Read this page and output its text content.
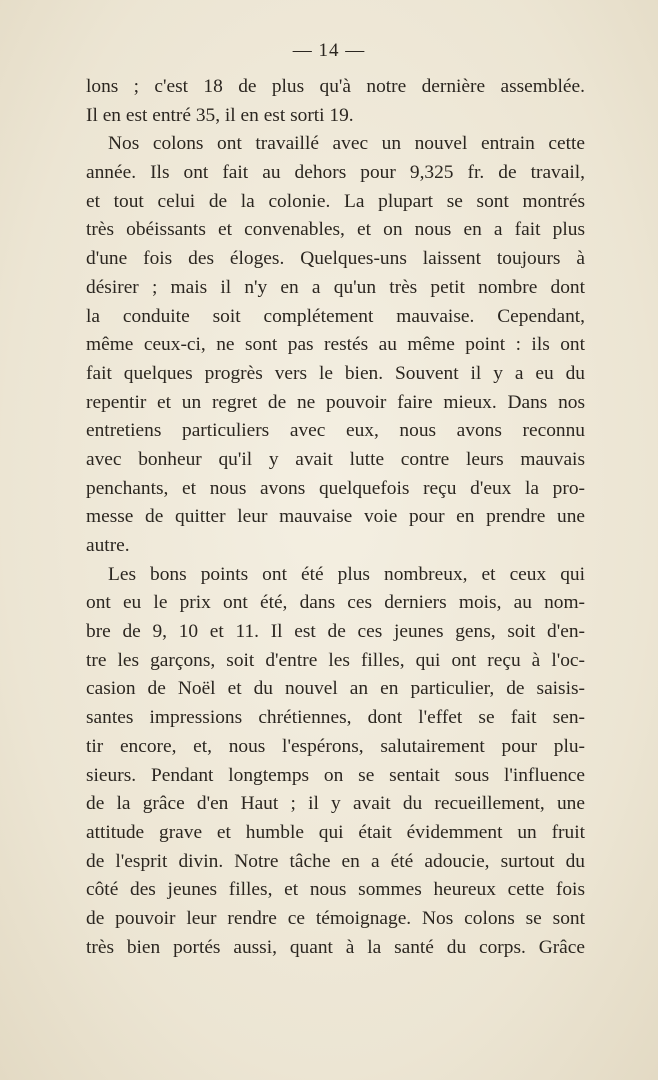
— 14 —
lons ; c'est 18 de plus qu'à notre dernière assemblée.
Il en est entré 35, il en est sorti 19.
Nos colons ont travaillé avec un nouvel entrain cette
année. Ils ont fait au dehors pour 9,325 fr. de travail,
et tout celui de la colonie. La plupart se sont montrés
très obéissants et convenables, et on nous en a fait plus
d'une fois des éloges. Quelques-uns laissent toujours à
désirer ; mais il n'y en a qu'un très petit nombre dont
la conduite soit complétement mauvaise. Cependant,
même ceux-ci, ne sont pas restés au même point : ils ont
fait quelques progrès vers le bien. Souvent il y a eu du
repentir et un regret de ne pouvoir faire mieux. Dans nos
entretiens particuliers avec eux, nous avons reconnu
avec bonheur qu'il y avait lutte contre leurs mauvais
penchants, et nous avons quelquefois reçu d'eux la pro-
messe de quitter leur mauvaise voie pour en prendre une
autre.
Les bons points ont été plus nombreux, et ceux qui
ont eu le prix ont été, dans ces derniers mois, au nom-
bre de 9, 10 et 11. Il est de ces jeunes gens, soit d'en-
tre les garçons, soit d'entre les filles, qui ont reçu à l'oc-
casion de Noël et du nouvel an en particulier, de saisis-
santes impressions chrétiennes, dont l'effet se fait sen-
tir encore, et, nous l'espérons, salutairement pour plu-
sieurs. Pendant longtemps on se sentait sous l'influence
de la grâce d'en Haut ; il y avait du recueillement, une
attitude grave et humble qui était évidemment un fruit
de l'esprit divin. Notre tâche en a été adoucie, surtout du
côté des jeunes filles, et nous sommes heureux cette fois
de pouvoir leur rendre ce témoignage. Nos colons se sont
très bien portés aussi, quant à la santé du corps. Grâce
